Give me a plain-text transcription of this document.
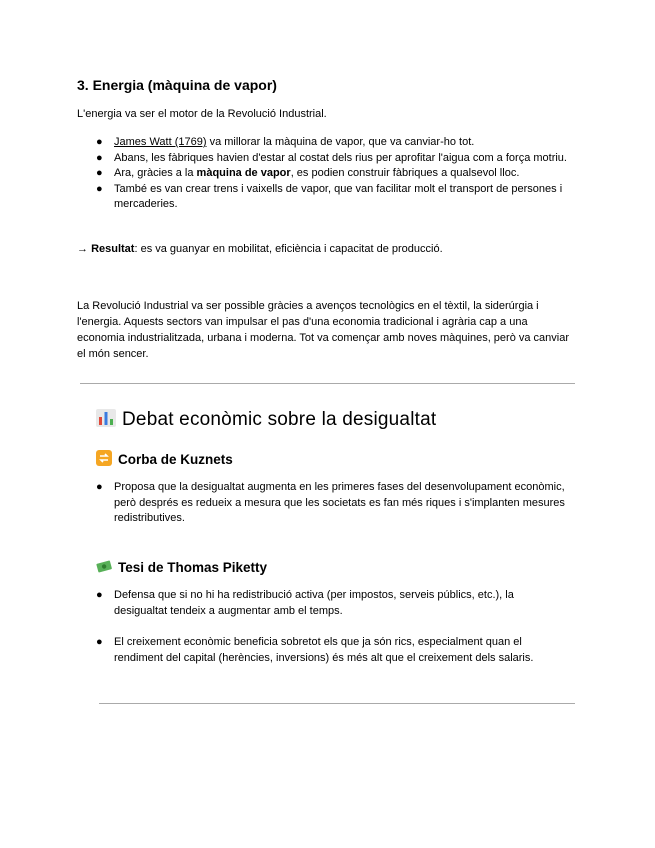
3. Energia (màquina de vapor)
L'energia va ser el motor de la Revolució Industrial.
● James Watt (1769) va millorar la màquina de vapor, que va canviar-ho tot.
● Abans, les fàbriques havien d'estar al costat dels rius per aprofitar l'aigua com a força motriu.
● Ara, gràcies a la màquina de vapor, es podien construir fàbriques a qualsevol lloc.
● També es van crear trens i vaixells de vapor, que van facilitar molt el transport de persones i mercaderies.
→ Resultat: es va guanyar en mobilitat, eficiència i capacitat de producció.
La Revolució Industrial va ser possible gràcies a avenços tecnològics en el tèxtil, la siderúrgia i l'energia. Aquests sectors van impulsar el pas d'una economia tradicional i agrària cap a una economia industrialitzada, urbana i moderna. Tot va començar amb noves màquines, però va canviar el món sencer.
Debat econòmic sobre la desigualtat
Corba de Kuznets
● Proposa que la desigualtat augmenta en les primeres fases del desenvolupament econòmic, però després es redueix a mesura que les societats es fan més riques i s'implanten mesures redistributives.
Tesi de Thomas Piketty
● Defensa que si no hi ha redistribució activa (per impostos, serveis públics, etc.), la desigualtat tendeix a augmentar amb el temps.
● El creixement econòmic beneficia sobretot els que ja són rics, especialment quan el rendiment del capital (herències, inversions) és més alt que el creixement dels salaris.
